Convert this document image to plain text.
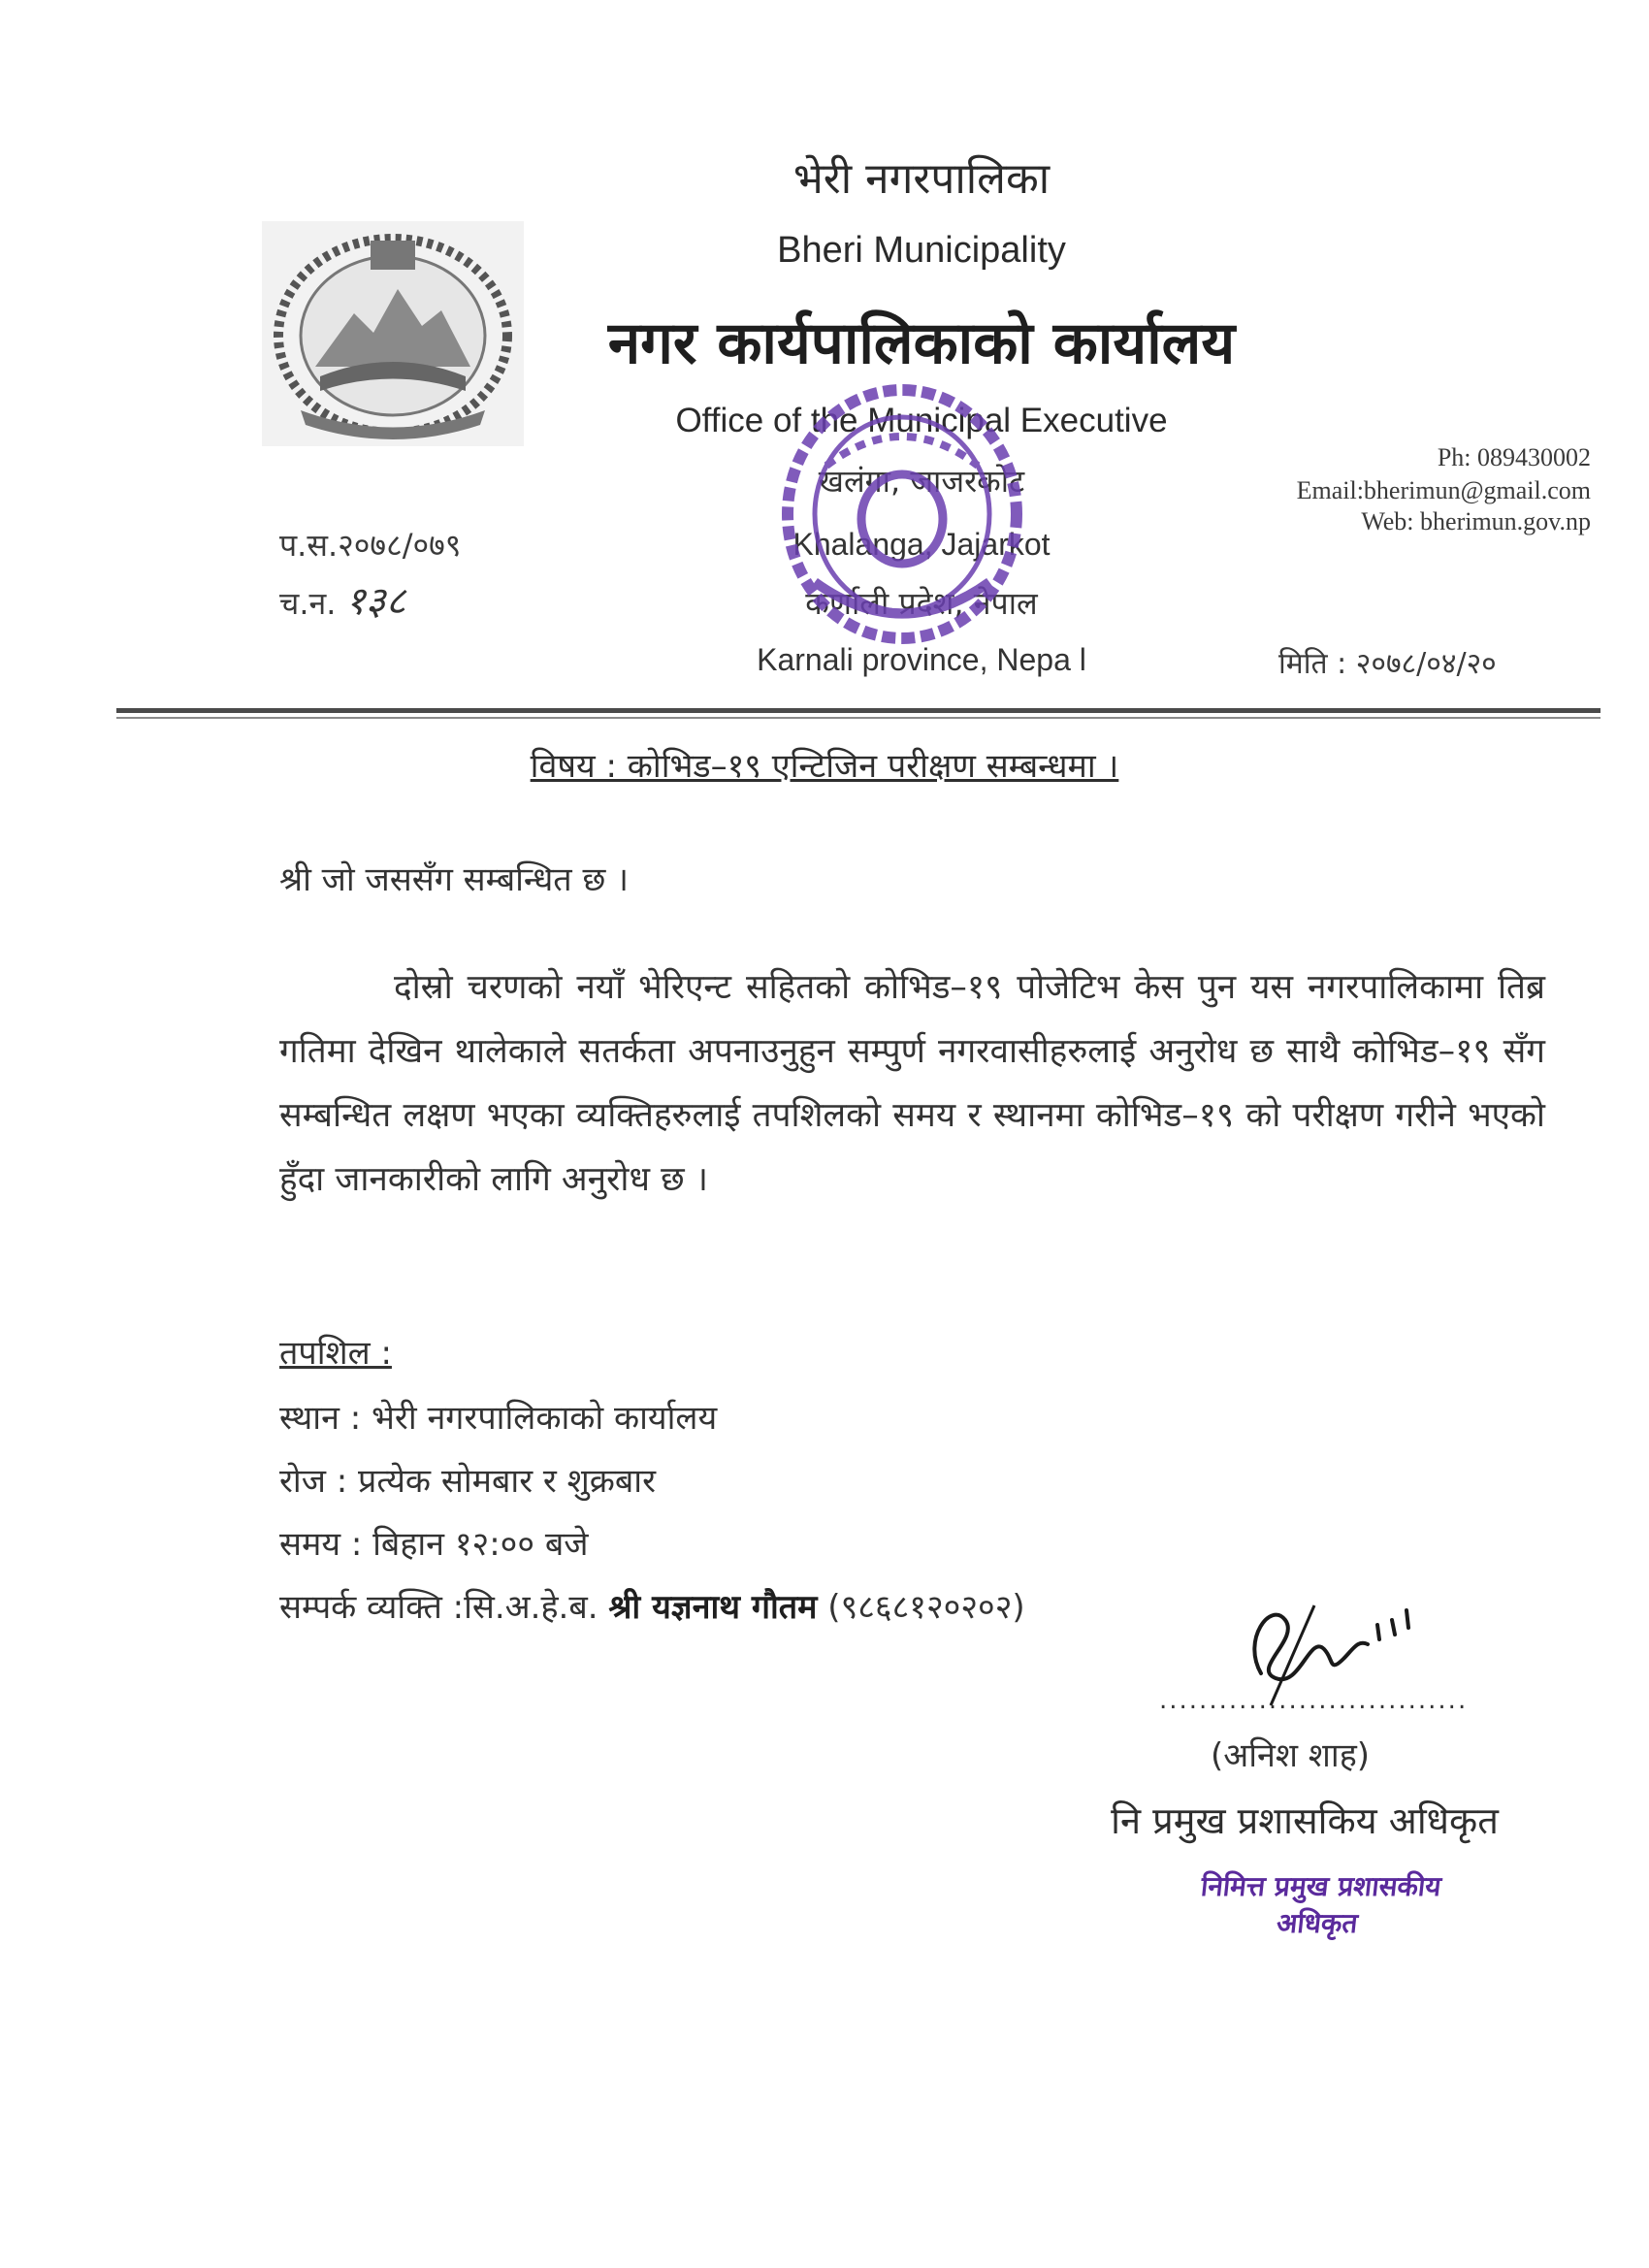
भेरी नगरपालिका
Bheri Municipality
नगर कार्यपालिकाको कार्यालय
Office of the Municipal Executive
खलंगा, जाजरकोट
Khalanga, Jajarkot
कर्णाली प्रदेश, नेपाल
Karnali province, Nepa l
Ph: 089430002
Email:bherimun@gmail.com
Web: bherimun.gov.np
प.स.२०७८/०७९
च.न. १३८
मिति : २०७८/०४/२०
विषय : कोभिड–१९ एन्टिजिन परीक्षण सम्बन्धमा ।
श्री जो जससँग सम्बन्धित छ ।
दोस्रो चरणको नयाँ भेरिएन्ट सहितको कोभिड–१९ पोजेटिभ केस पुन यस नगरपालिकामा तिब्र गतिमा देखिन थालेकाले सतर्कता अपनाउनुहुन सम्पुर्ण नगरवासीहरुलाई अनुरोध छ साथै कोभिड–१९ सँग सम्बन्धित लक्षण भएका व्यक्तिहरुलाई तपशिलको समय र स्थानमा कोभिड–१९ को परीक्षण गरीने भएको हुँदा जानकारीको लागि अनुरोध छ ।
तपशिल :
स्थान : भेरी नगरपालिकाको कार्यालय
रोज : प्रत्येक सोमबार र शुक्रबार
समय : बिहान १२:०० बजे
सम्पर्क व्यक्ति :सि.अ.हे.ब. श्री यज्ञनाथ गौतम (९८६८१२०२०२)
...............................
(अनिश शाह)
नि प्रमुख प्रशासकिय अधिकृत
निमित्त प्रमुख प्रशासकीय अधिकृत
